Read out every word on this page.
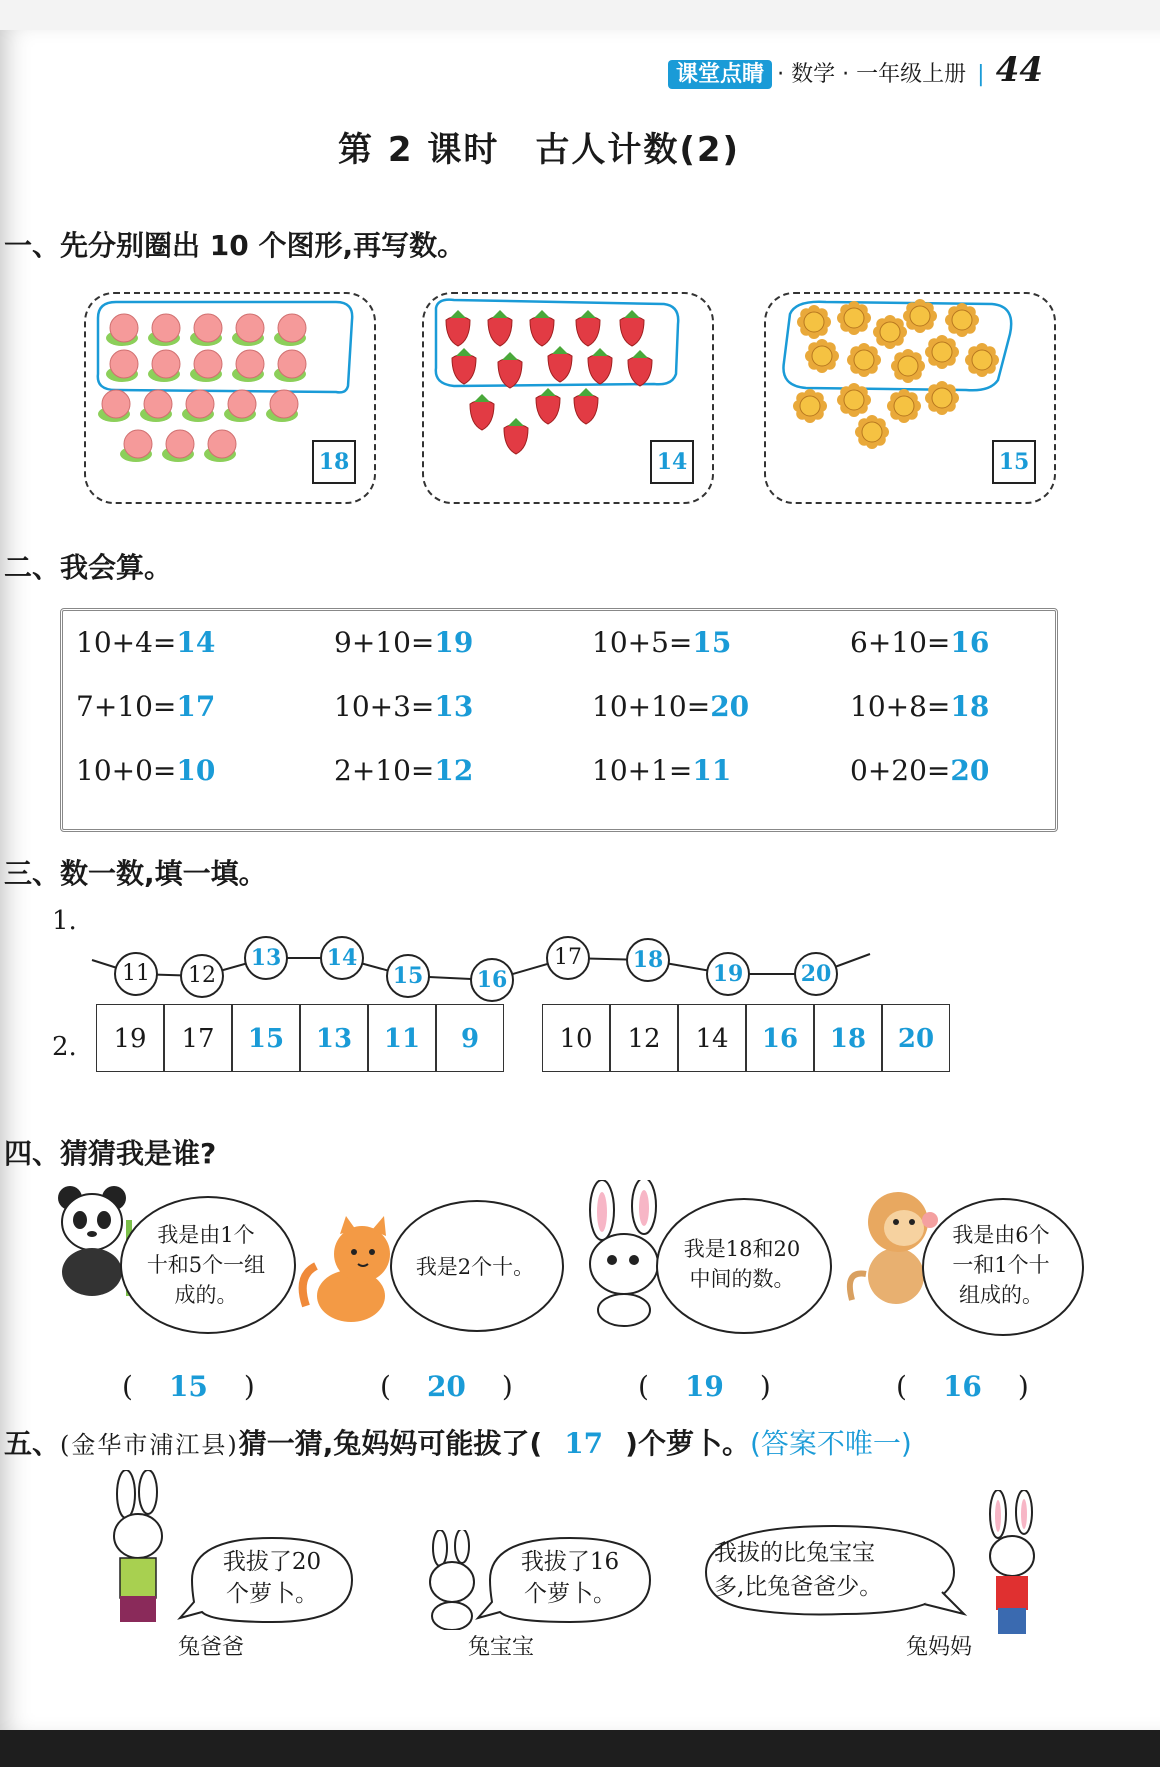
课堂点睛 · 数学 · 一年级上册 | 44
第 2 课时　古人计数(2)
一、先分别圈出 10 个图形,再写数。
18	14	15
二、我会算。
10+4=14	9+10=19	10+5=15	6+10=16
7+10=17	10+3=13	10+10=20	10+8=18
10+0=10	2+10=12	10+1=11	0+20=20
三、数一数,填一填。
1.
11	12
13	14
15	16
17	18
19	20
2.	19	17	15	13	11	9	10	12	14	16	18	20
四、猜猜我是谁?
我是由1个
十和5个一组
成的。
我是2个十。
我是18和20
中间的数。
我是由6个
一和1个十
组成的。
( 15 )	( 20 )	( 19 )	( 16 )
五、(金华市浦江县)猜一猜,兔妈妈可能拔了( 17 )个萝卜。(答案不唯一)
我拔了20
个萝卜。
兔爸爸
我拔了16
个萝卜。
兔宝宝
我拔的比兔宝宝
多,比兔爸爸少。
兔妈妈
